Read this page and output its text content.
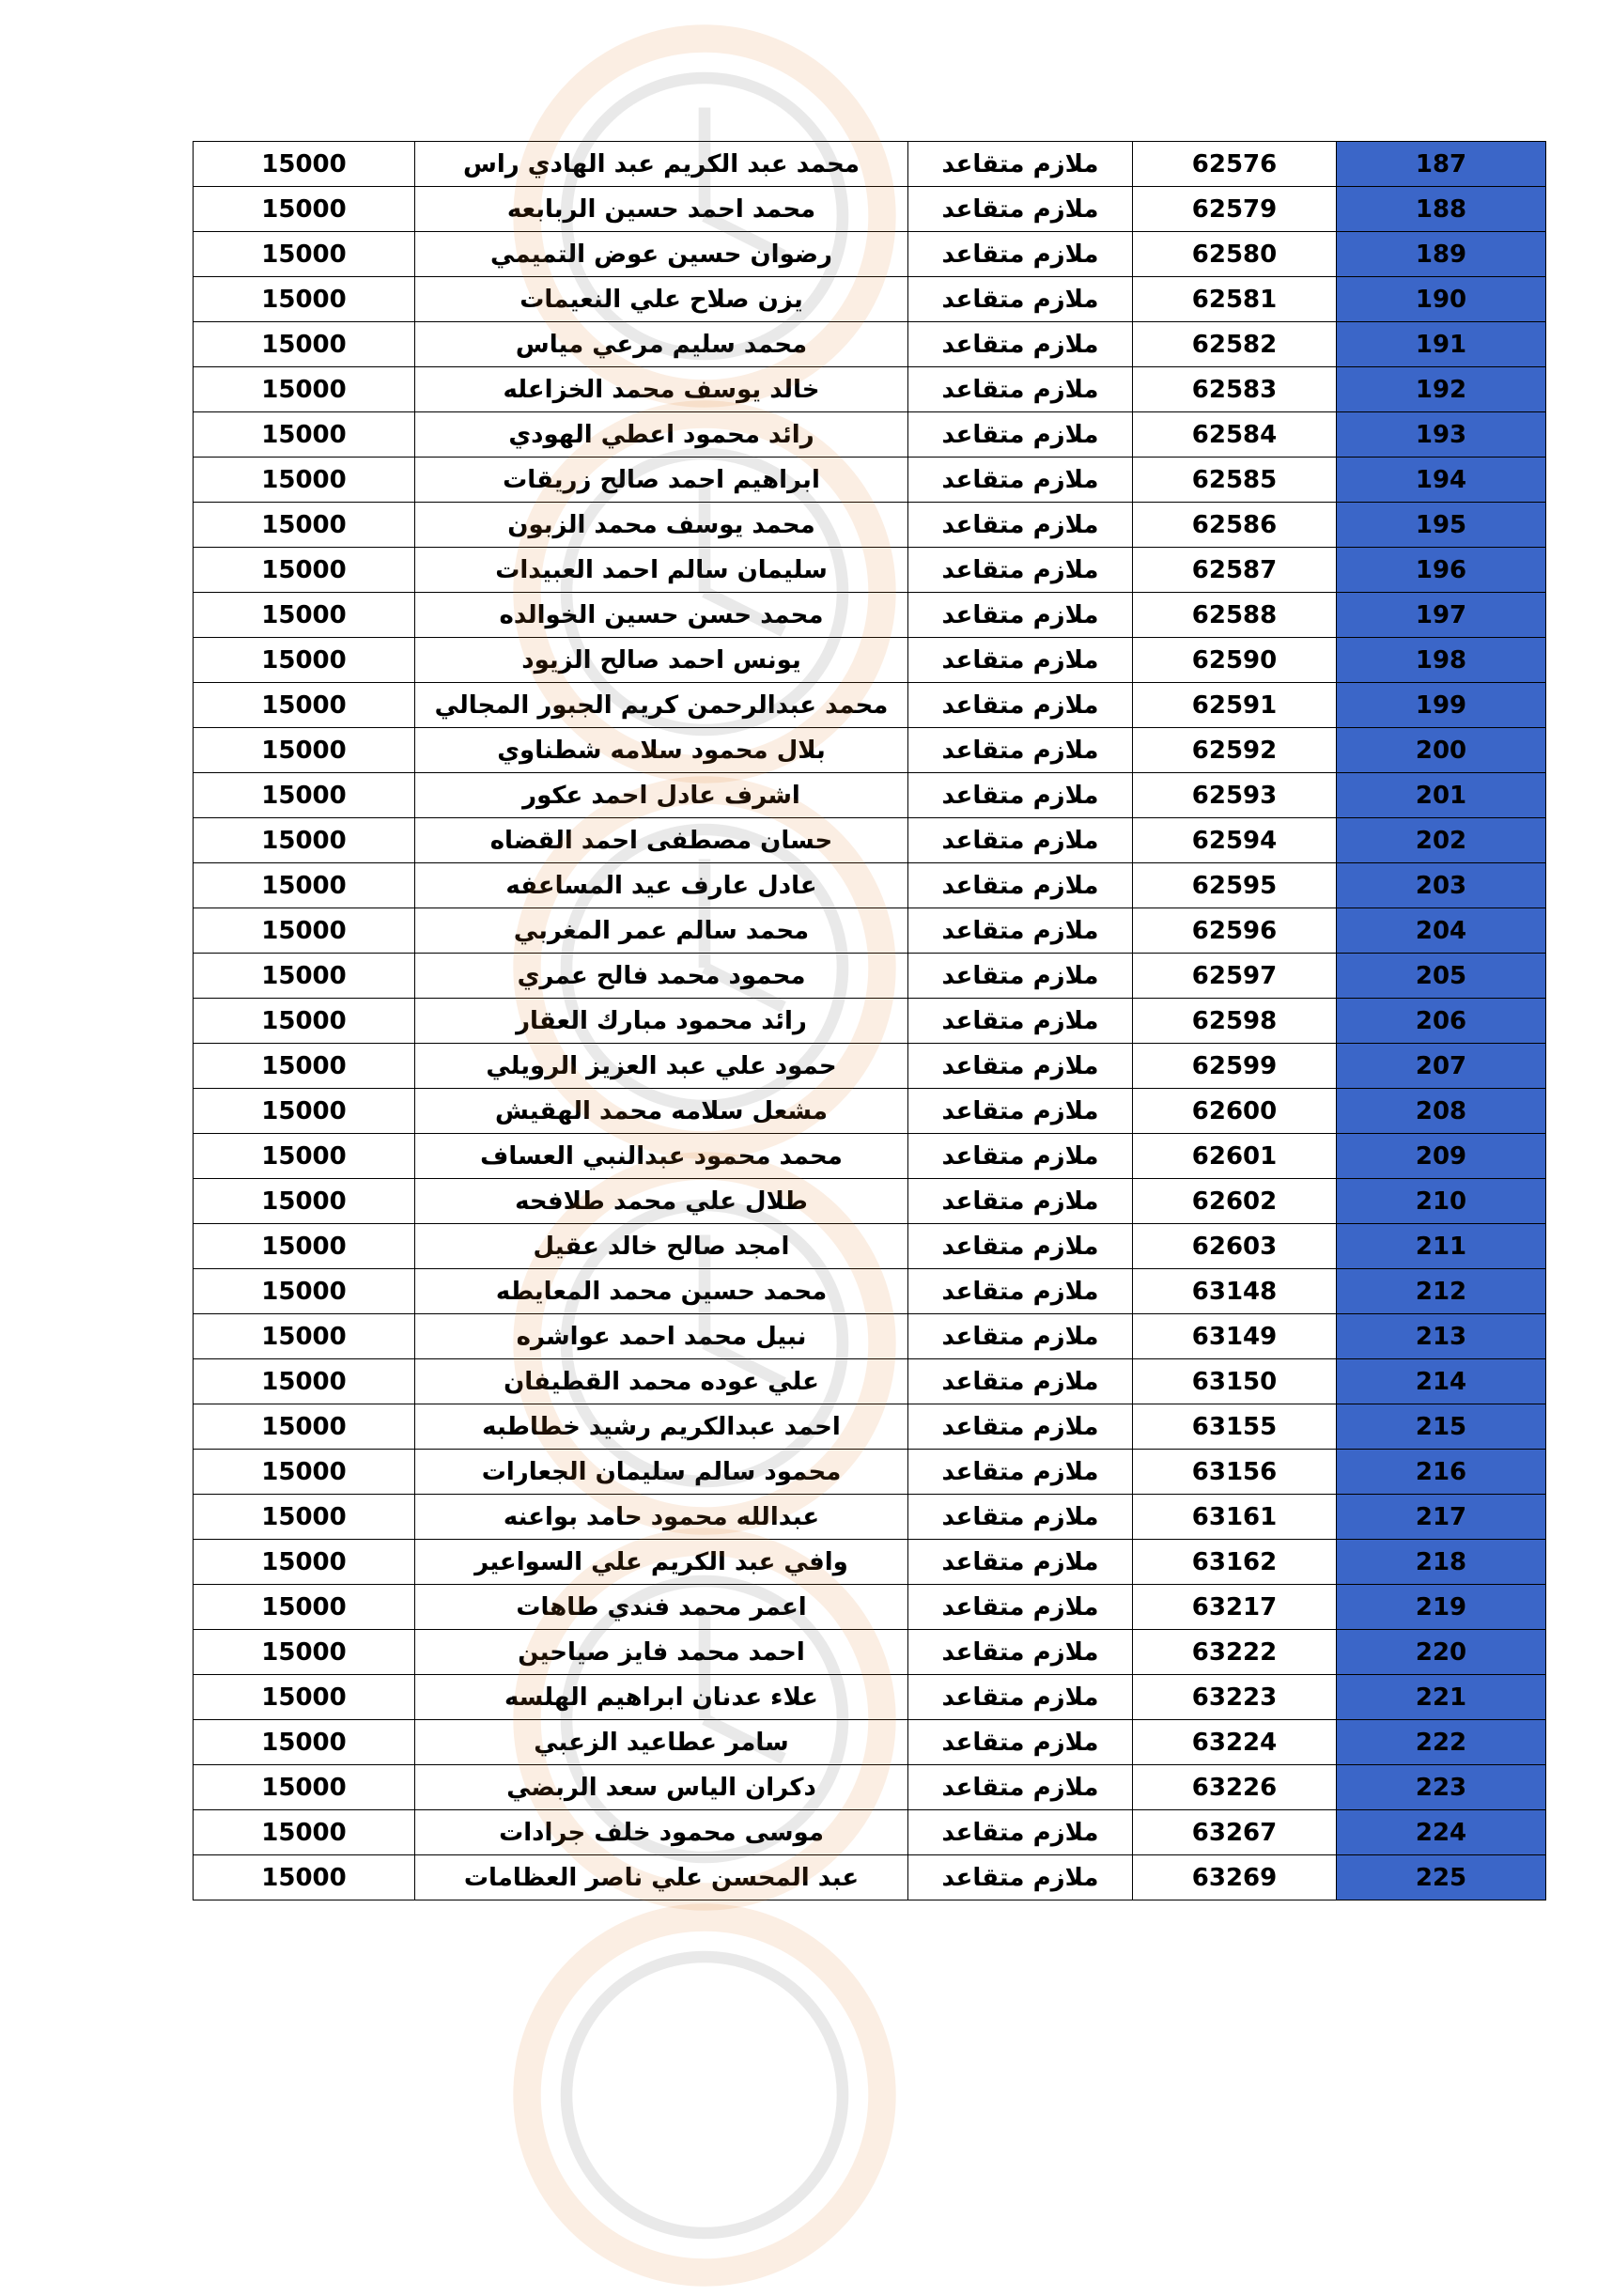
15000	محمد عبد الكريم عبد الهادي راس	ملازم متقاعد	62576	187
15000	محمد احمد حسين الربابعه	ملازم متقاعد	62579	188
15000	رضوان حسين عوض التميمي	ملازم متقاعد	62580	189
15000	يزن صلاح علي النعيمات	ملازم متقاعد	62581	190
15000	محمد سليم مرعي مياس	ملازم متقاعد	62582	191
15000	خالد يوسف محمد الخزاعله	ملازم متقاعد	62583	192
15000	رائد محمود اعطي الهودي	ملازم متقاعد	62584	193
15000	ابراهيم احمد صالح زريقات	ملازم متقاعد	62585	194
15000	محمد يوسف محمد الزبون	ملازم متقاعد	62586	195
15000	سليمان سالم احمد العبيدات	ملازم متقاعد	62587	196
15000	محمد حسن حسين الخوالده	ملازم متقاعد	62588	197
15000	يونس احمد صالح الزيود	ملازم متقاعد	62590	198
15000	محمد عبدالرحمن كريم الجبور المجالي	ملازم متقاعد	62591	199
15000	بلال محمود سلامه شطناوي	ملازم متقاعد	62592	200
15000	اشرف عادل احمد عكور	ملازم متقاعد	62593	201
15000	حسان مصطفى احمد القضاه	ملازم متقاعد	62594	202
15000	عادل عارف عيد المساعفه	ملازم متقاعد	62595	203
15000	محمد سالم عمر المغربي	ملازم متقاعد	62596	204
15000	محمود محمد فالح عمري	ملازم متقاعد	62597	205
15000	رائد محمود مبارك العقار	ملازم متقاعد	62598	206
15000	حمود علي عبد العزيز الرويلي	ملازم متقاعد	62599	207
15000	مشعل سلامه محمد الهقيش	ملازم متقاعد	62600	208
15000	محمد محمود عبدالنبي العساف	ملازم متقاعد	62601	209
15000	طلال علي محمد طلافحه	ملازم متقاعد	62602	210
15000	امجد صالح خالد عقيل	ملازم متقاعد	62603	211
15000	محمد حسين محمد المعايطه	ملازم متقاعد	63148	212
15000	نبيل محمد احمد عواشره	ملازم متقاعد	63149	213
15000	علي عوده محمد القطيفان	ملازم متقاعد	63150	214
15000	احمد عبدالكريم رشيد خطاطبه	ملازم متقاعد	63155	215
15000	محمود سالم سليمان الجعارات	ملازم متقاعد	63156	216
15000	عبدالله محمود حامد بواعنه	ملازم متقاعد	63161	217
15000	وافي عبد الكريم علي السواعير	ملازم متقاعد	63162	218
15000	اعمر محمد فندي طاهات	ملازم متقاعد	63217	219
15000	احمد محمد فايز صياحين	ملازم متقاعد	63222	220
15000	علاء عدنان ابراهيم الهلسه	ملازم متقاعد	63223	221
15000	سامر عطاعيد الزعبي	ملازم متقاعد	63224	222
15000	دكران الياس سعد الربضي	ملازم متقاعد	63226	223
15000	موسى محمود خلف جرادات	ملازم متقاعد	63267	224
15000	عبد المحسن علي ناصر العظامات	ملازم متقاعد	63269	225
